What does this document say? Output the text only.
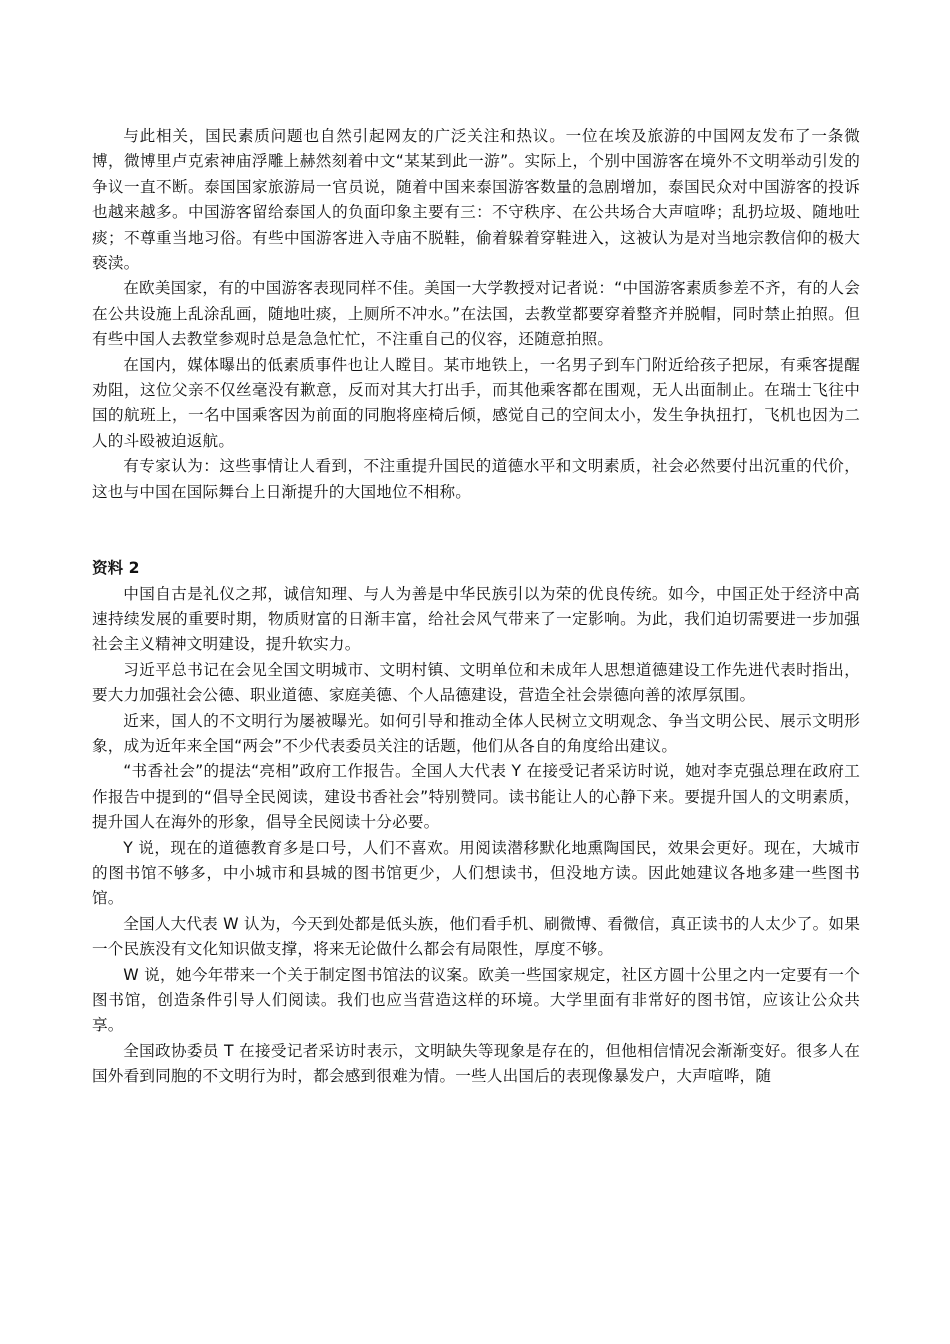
与此相关，国民素质问题也自然引起网友的广泛关注和热议。一位在埃及旅游的中国网友发布了一条微博，微博里卢克索神庙浮雕上赫然刻着中文“某某到此一游”。实际上，个别中国游客在境外不文明举动引发的争议一直不断。泰国国家旅游局一官员说，随着中国来泰国游客数量的急剧增加，泰国民众对中国游客的投诉也越来越多。中国游客留给泰国人的负面印象主要有三：不守秩序、在公共场合大声喧哗；乱扔垃圾、随地吐痰；不尊重当地习俗。有些中国游客进入寺庙不脱鞋，偷着躲着穿鞋进入，这被认为是对当地宗教信仰的极大亵渎。

在欧美国家，有的中国游客表现同样不佳。美国一大学教授对记者说：“中国游客素质参差不齐，有的人会在公共设施上乱涂乱画，随地吐痰，上厕所不冲水。”在法国，去教堂都要穿着整齐并脱帽，同时禁止拍照。但有些中国人去教堂参观时总是急急忙忙，不注重自己的仪容，还随意拍照。

在国内，媒体曝出的低素质事件也让人瞠目。某市地铁上，一名男子到车门附近给孩子把尿，有乘客提醒劝阻，这位父亲不仅丝毫没有歉意，反而对其大打出手，而其他乘客都在围观，无人出面制止。在瑞士飞往中国的航班上，一名中国乘客因为前面的同胞将座椅后倾，感觉自己的空间太小，发生争执扭打，飞机也因为二人的斗殴被迫返航。

有专家认为：这些事情让人看到，不注重提升国民的道德水平和文明素质，社会必然要付出沉重的代价，这也与中国在国际舞台上日渐提升的大国地位不相称。

资料 2

中国自古是礼仪之邦，诚信知理、与人为善是中华民族引以为荣的优良传统。如今，中国正处于经济中高速持续发展的重要时期，物质财富的日渐丰富，给社会风气带来了一定影响。为此，我们迫切需要进一步加强社会主义精神文明建设，提升软实力。

习近平总书记在会见全国文明城市、文明村镇、文明单位和未成年人思想道德建设工作先进代表时指出，要大力加强社会公德、职业道德、家庭美德、个人品德建设，营造全社会崇德向善的浓厚氛围。

近来，国人的不文明行为屡被曝光。如何引导和推动全体人民树立文明观念、争当文明公民、展示文明形象，成为近年来全国“两会”不少代表委员关注的话题，他们从各自的角度给出建议。

“书香社会”的提法“亮相”政府工作报告。全国人大代表 Y 在接受记者采访时说，她对李克强总理在政府工作报告中提到的“倡导全民阅读，建设书香社会”特别赞同。读书能让人的心静下来。要提升国人的文明素质，提升国人在海外的形象，倡导全民阅读十分必要。

Y 说，现在的道德教育多是口号，人们不喜欢。用阅读潜移默化地熏陶国民，效果会更好。现在，大城市的图书馆不够多，中小城市和县城的图书馆更少，人们想读书，但没地方读。因此她建议各地多建一些图书馆。

全国人大代表 W 认为，今天到处都是低头族，他们看手机、刷微博、看微信，真正读书的人太少了。如果一个民族没有文化知识做支撑，将来无论做什么都会有局限性，厚度不够。

W 说，她今年带来一个关于制定图书馆法的议案。欧美一些国家规定，社区方圆十公里之内一定要有一个图书馆，创造条件引导人们阅读。我们也应当营造这样的环境。大学里面有非常好的图书馆，应该让公众共享。

全国政协委员 T 在接受记者采访时表示，文明缺失等现象是存在的，但他相信情况会渐渐变好。很多人在国外看到同胞的不文明行为时，都会感到很难为情。一些人出国后的表现像暴发户，大声喧哗，随
